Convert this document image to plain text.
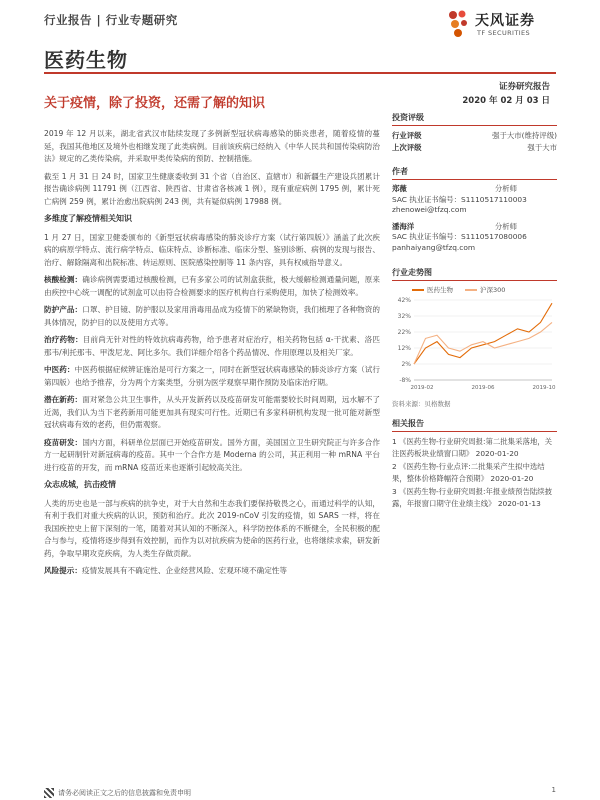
行业报告 | 行业专题研究	天风证券
TF SECURITIES
医药生物
证券研究报告
2020 年 02 月 03 日
关于疫情，除了投资，还需了解的知识
投资评级
行业评级	强于大市(维持评级)
上次评级	强于大市
作者
郑薇	分析师
SAC 执业证书编号：S1110517110003
zhenowei@tfzq.com
潘海洋	分析师
SAC 执业证书编号：S1110517080006
panhaiyang@tfzq.com
行业走势图
医药生物	沪深300
42%
32%
22%
12%
2%
-8%
2019-02	2019-06	2019-10
资料来源：贝格数据
相关报告
1 《医药生物-行业研究周报:第二批集采落地，关注医药板块业绩窗口期》 2020-01-20
2 《医药生物-行业点评:二批集采产生拟中选结果，整体价格降幅符合预期》 2020-01-20
3 《医药生物-行业研究周报:年报业绩预告陆续披露，年报窗口期守住业绩主线》 2020-01-13

2019 年 12 月以来，湖北省武汉市陆续发现了多例新型冠状病毒感染的肺炎患者，随着疫情的蔓延，我国其他地区及境外也相继发现了此类病例。目前该疾病已经纳入《中华人民共和国传染病防治法》规定的乙类传染病，并采取甲类传染病的预防、控制措施。

截至 1 月 31 日 24 时，国家卫生健康委收到 31 个省（自治区、直辖市）和新疆生产建设兵团累计报告确诊病例 11791 例（江西省、陕西省、甘肃省各核减 1 例），现有重症病例 1795 例，累计死亡病例 259 例，累计治愈出院病例 243 例，共有疑似病例 17988 例。

多维度了解疫情相关知识

1 月 27 日，国家卫健委颁布的《新型冠状病毒感染的肺炎诊疗方案（试行第四版）》涵盖了此次疾病的病原学特点、流行病学特点、临床特点、诊断标准、临床分型、鉴别诊断、病例的发现与报告、治疗、解除隔离和出院标准、转运原则、医院感染控制等 11 条内容，具有权威指导意义。

核酸检测：确诊病例需要通过核酸检测，已有多家公司的试剂盒获批，极大缓解检测通量问题，原来由疾控中心统一调配的试剂盒可以由符合检测要求的医疗机构自行采购使用，加快了检测效率。

防护产品：口罩、护目镜、防护服以及家用消毒用品成为疫情下的紧缺物资，我们梳理了各种物资的具体情况，防护目的以及使用方式等。

治疗药物：目前尚无针对性的特效抗病毒药物，给予患者对症治疗，相关药物包括 α-干扰素、洛匹那韦/利托那韦、甲泼尼龙、阿比多尔。我们详细介绍各个药品情况、作用原理以及相关厂家。

中医药：中医药根据症候辨证施治是可行方案之一，同时在新型冠状病毒感染的肺炎诊疗方案（试行第四版）也给予推荐，分为两个方案类型，分别为医学观察早期作预防及临床治疗期。

潜在新药：面对紧急公共卫生事件，从头开发新药以及疫苗研发可能需要较长时间周期，远水解不了近渴，我们认为当下老药新用可能更加具有现实可行性。近期已有多家科研机构发现一批可能对新型冠状病毒有效的老药，但仍需观察。

疫苗研发：国内方面，科研单位层面已开始疫苗研发。国外方面，美国国立卫生研究院正与许多合作方一起研制针对新冠病毒的疫苗。其中一个合作方是 Moderna 的公司，其正利用一种 mRNA 平台进行疫苗的开发，而 mRNA 疫苗近来也逐渐引起较高关注。

众志成城，抗击疫情

人类的历史也是一部与疾病的抗争史，对于大自然和生态我们要保持敬畏之心，而通过科学的认知，有利于我们对重大疾病的认识，预防和治疗。此次 2019-nCoV 引发的疫情，如 SARS 一样，将在我国疾控史上留下深刻的一笔，随着对其认知的不断深入，科学防控体系的不断健全，全民积极的配合与参与，疫情将逐步得到有效控制，而作为以对抗疾病为使命的医药行业，也将继续求索，研发新药，争取早期攻克疾病，为人类生存做贡献。

风险提示：疫情发展具有不确定性、企业经营风险、宏观环境不确定性等

请务必阅读正文之后的信息披露和免责申明	1
